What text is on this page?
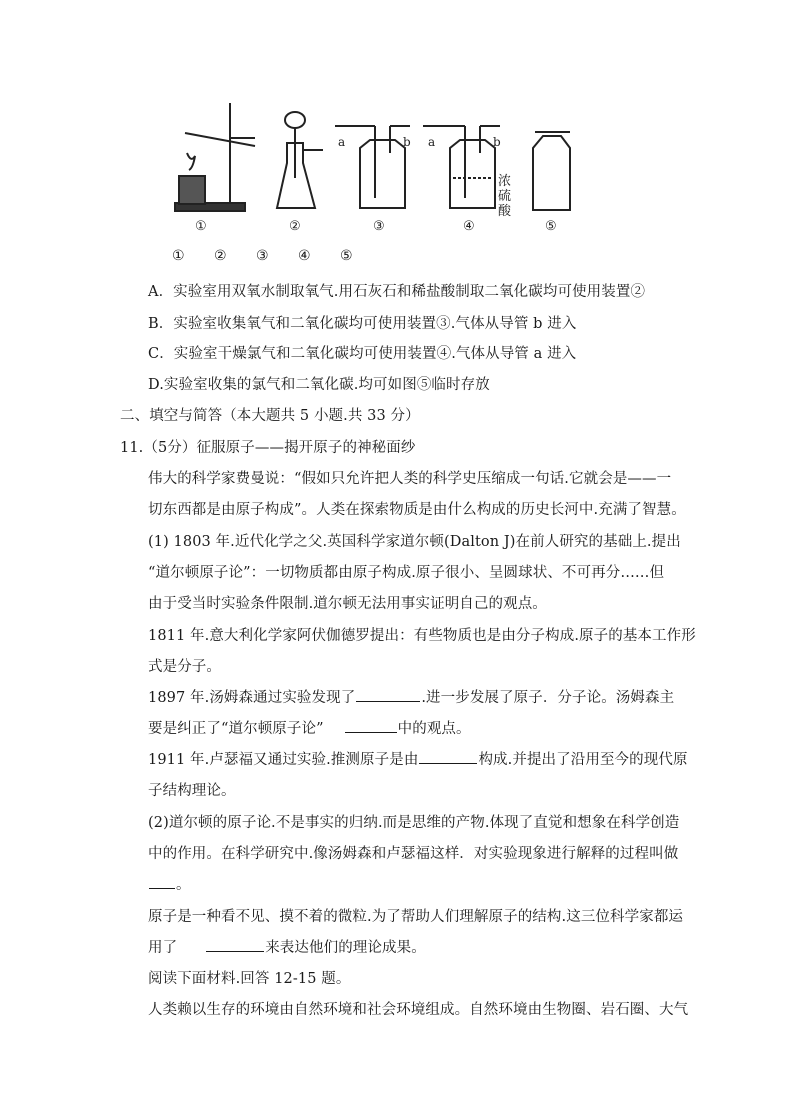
①	②
a	b
③
a	b
④	⑤
浓
硫
酸
① ② ③ ④ ⑤
A．实验室用双氧水制取氧气.用石灰石和稀盐酸制取二氧化碳均可使用装置②
B．实验室收集氧气和二氧化碳均可使用装置③.气体从导管 b 进入
C．实验室干燥氯气和二氧化碳均可使用装置④.气体从导管 a 进入
D.实验室收集的氯气和二氧化碳.均可如图⑤临时存放
二、填空与简答（本大题共 5 小题.共 33 分）
11.（5分）征服原子——揭开原子的神秘面纱
伟大的科学家费曼说：“假如只允许把人类的科学史压缩成一句话.它就会是——一
切东西都是由原子构成”。人类在探索物质是由什么构成的历史长河中.充满了智慧。
(1) 1803 年.近代化学之父.英国科学家道尔顿(Dalton J)在前人研究的基础上.提出
“道尔顿原子论”：一切物质都由原子构成.原子很小、呈圆球状、不可再分……但
由于受当时实验条件限制.道尔顿无法用事实证明自己的观点。
1811 年.意大利化学家阿伏伽德罗提出：有些物质也是由分子构成.原子的基本工作形
式是分子。
1897 年.汤姆森通过实验发现了	.进一步发展了原子．分子论。汤姆森主
要是纠正了“道尔顿原子论”	中的观点。
1911 年.卢瑟福又通过实验.推测原子是由	构成.并提出了沿用至今的现代原
子结构理论。
(2)道尔顿的原子论.不是事实的归纳.而是思维的产物.体现了直觉和想象在科学创造
中的作用。在科学研究中.像汤姆森和卢瑟福这样．对实验现象进行解释的过程叫做
。
原子是一种看不见、摸不着的微粒.为了帮助人们理解原子的结构.这三位科学家都运
用了	来表达他们的理论成果。
阅读下面材料.回答 12-15 题。
人类赖以生存的环境由自然环境和社会环境组成。自然环境由生物圈、岩石圈、大气
